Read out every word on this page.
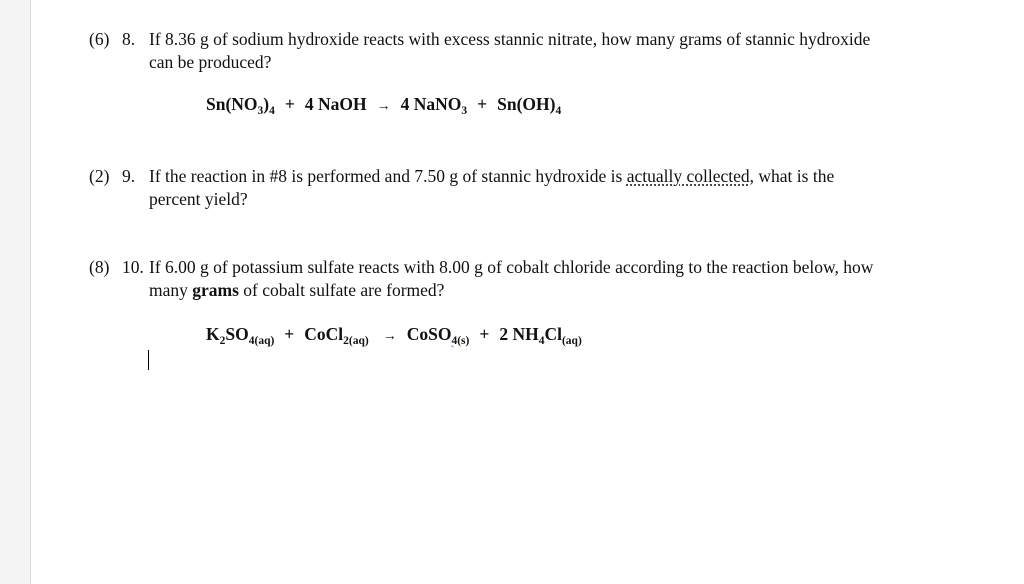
(6) 8. If 8.36 g of sodium hydroxide reacts with excess stannic nitrate, how many grams of stannic hydroxide
can be produced?
$Sn(NO_3)_4 + 4$ NaOH → 4 NaNO$_3$ + $Sn(OH)_4$
(2) 9. If the reaction in #8 is performed and 7.50 g of stannic hydroxide is actually collected, what is the
percent yield?
(8) 10. If 6.00 g of potassium sulfate reacts with 8.00 g of cobalt chloride according to the reaction below, how
many grams of cobalt sulfate are formed?
$K_2SO_{4(aq)}$ + CoCl$_{2(aq)}$ → CoSO$_{4(s)}$ + 2 $NH_4Cl_{(aq)}$
